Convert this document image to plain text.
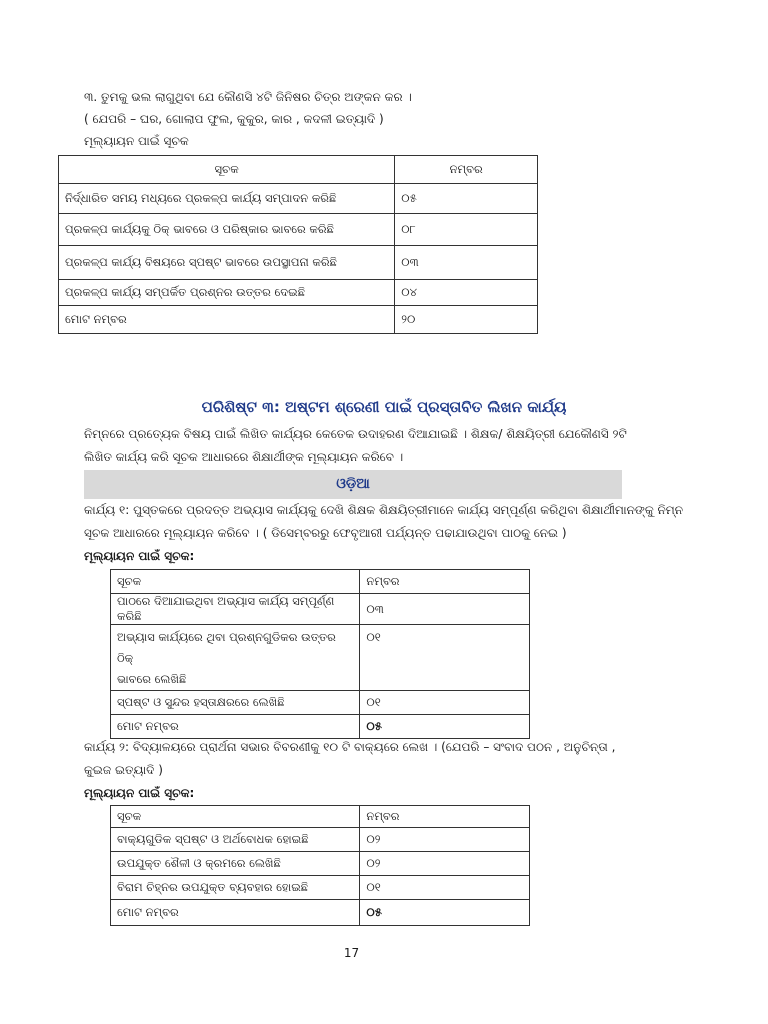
୩. ତୁମକୁ ଭଲ ଲାଗୁଥିବା ଯେ କୌଣସି ୪ଟି ଜିନିଷର ଚିତ୍ର ଅଙ୍କନ କର ।

( ଯେପରି – ଘର, ଗୋଲାପ ଫୁଲ, କୁକୁର, କାର , କଦଳୀ ଇତ୍ୟାଦି )

ମୂଲ୍ୟାୟନ ପାଇଁ ସୂଚକ

ସୂଚକ	ନମ୍ବର
ନିର୍ଦ୍ଧାରିତ ସମୟ ମଧ୍ୟରେ ପ୍ରକଳ୍ପ କାର୍ଯ୍ୟ ସମ୍ପାଦନ କରିଛି	୦୫
ପ୍ରକଳ୍ପ କାର୍ଯ୍ୟକୁ ଠିକ୍ ଭାବରେ ଓ ପରିଷ୍କାର ଭାବରେ କରିଛି	୦୮
ପ୍ରକଳ୍ପ କାର୍ଯ୍ୟ ବିଷୟରେ ସ୍ପଷ୍ଟ ଭାବରେ ଉପସ୍ଥାପନା କରିଛି	୦୩
ପ୍ରକଳ୍ପ କାର୍ଯ୍ୟ ସମ୍ପର୍କିତ ପ୍ରଶ୍ନର ଉତ୍ତର ଦେଇଛି	୦୪
ମୋଟ ନମ୍ବର	୨୦
ପରିଶିଷ୍ଟ ୩: ଅଷ୍ଟମ ଶ୍ରେଣୀ ପାଇଁ ପ୍ରସ୍ତାବିତ ଲିଖନ କାର୍ଯ୍ୟ

ନିମ୍ନରେ ପ୍ରତ୍ୟେକ ବିଷୟ ପାଇଁ ଲିଖିତ କାର୍ଯ୍ୟର କେତେକ ଉଦାହରଣ ଦିଆଯାଇଛି । ଶିକ୍ଷକ/ ଶିକ୍ଷୟିତ୍ରୀ ଯେକୌଣସି ୨ଟି

ଲିଖିତ କାର୍ଯ୍ୟ କରି ସୂଚକ ଆଧାରରେ ଶିକ୍ଷାର୍ଥୀଙ୍କ ମୂଲ୍ୟାୟନ କରିବେ ।

ଓଡ଼ିଆ

କାର୍ଯ୍ୟ ୧: ପୁସ୍ତକରେ ପ୍ରଦତ୍ତ ଅଭ୍ୟାସ କାର୍ଯ୍ୟକୁ ଦେଖି ଶିକ୍ଷକ ଶିକ୍ଷୟିତ୍ରୀମାନେ କାର୍ଯ୍ୟ ସମ୍ପୂର୍ଣ୍ଣ କରିଥିବା ଶିକ୍ଷାର୍ଥୀମାନଙ୍କୁ ନିମ୍ନ

ସୂଚକ ଆଧାରରେ ମୂଲ୍ୟାୟନ କରିବେ । ( ଡିସେମ୍ବରରୁ ଫେବୃଆରୀ ପର୍ଯ୍ୟନ୍ତ ପଢାଯାଉଥିବା ପାଠକୁ ନେଇ )

ମୂଲ୍ୟାୟନ ପାଇଁ ସୂଚକ:

ସୂଚକ	ନମ୍ବର
ପାଠରେ ଦିଆଯାଇଥିବା ଅଭ୍ୟାସ କାର୍ଯ୍ୟ ସମ୍ପୂର୍ଣ୍ଣ କରିଛି	୦୩

ଅଭ୍ୟାସ କାର୍ଯ୍ୟରେ ଥିବା ପ୍ରଶ୍ନଗୁଡିକର ଉତ୍ତର ଠିକ୍
ଭାବରେ ଲେଖିଛି	୦୧
ସ୍ପଷ୍ଟ ଓ ସୁନ୍ଦର ହସ୍ତାକ୍ଷରରେ ଲେଖିଛି	୦୧
ମୋଟ ନମ୍ବର	୦୫

କାର୍ଯ୍ୟ ୨: ବିଦ୍ୟାଳୟରେ ପ୍ରାର୍ଥନା ସଭାର ବିବରଣୀକୁ ୧୦ ଟି ବାକ୍ୟରେ ଲେଖ । (ଯେପରି – ସଂବାଦ ପଠନ , ଅନୁଚିନ୍ତା ,

କୁଇଜ ଇତ୍ୟାଦି )

ମୂଲ୍ୟାୟନ ପାଇଁ ସୂଚକ:

ସୂଚକ	ନମ୍ବର
ବାକ୍ୟଗୁଡିକ ସ୍ପଷ୍ଟ ଓ ଅର୍ଥବୋଧକ ହୋଇଛି	୦୨
ଉପଯୁକ୍ତ ଶୈଳୀ ଓ କ୍ରମରେ ଲେଖିଛି	୦୨
ବିରାମ ଚିହ୍ନର ଉପଯୁକ୍ତ ବ୍ୟବହାର ହୋଇଛି	୦୧
ମୋଟ ନମ୍ବର	୦୫
17
